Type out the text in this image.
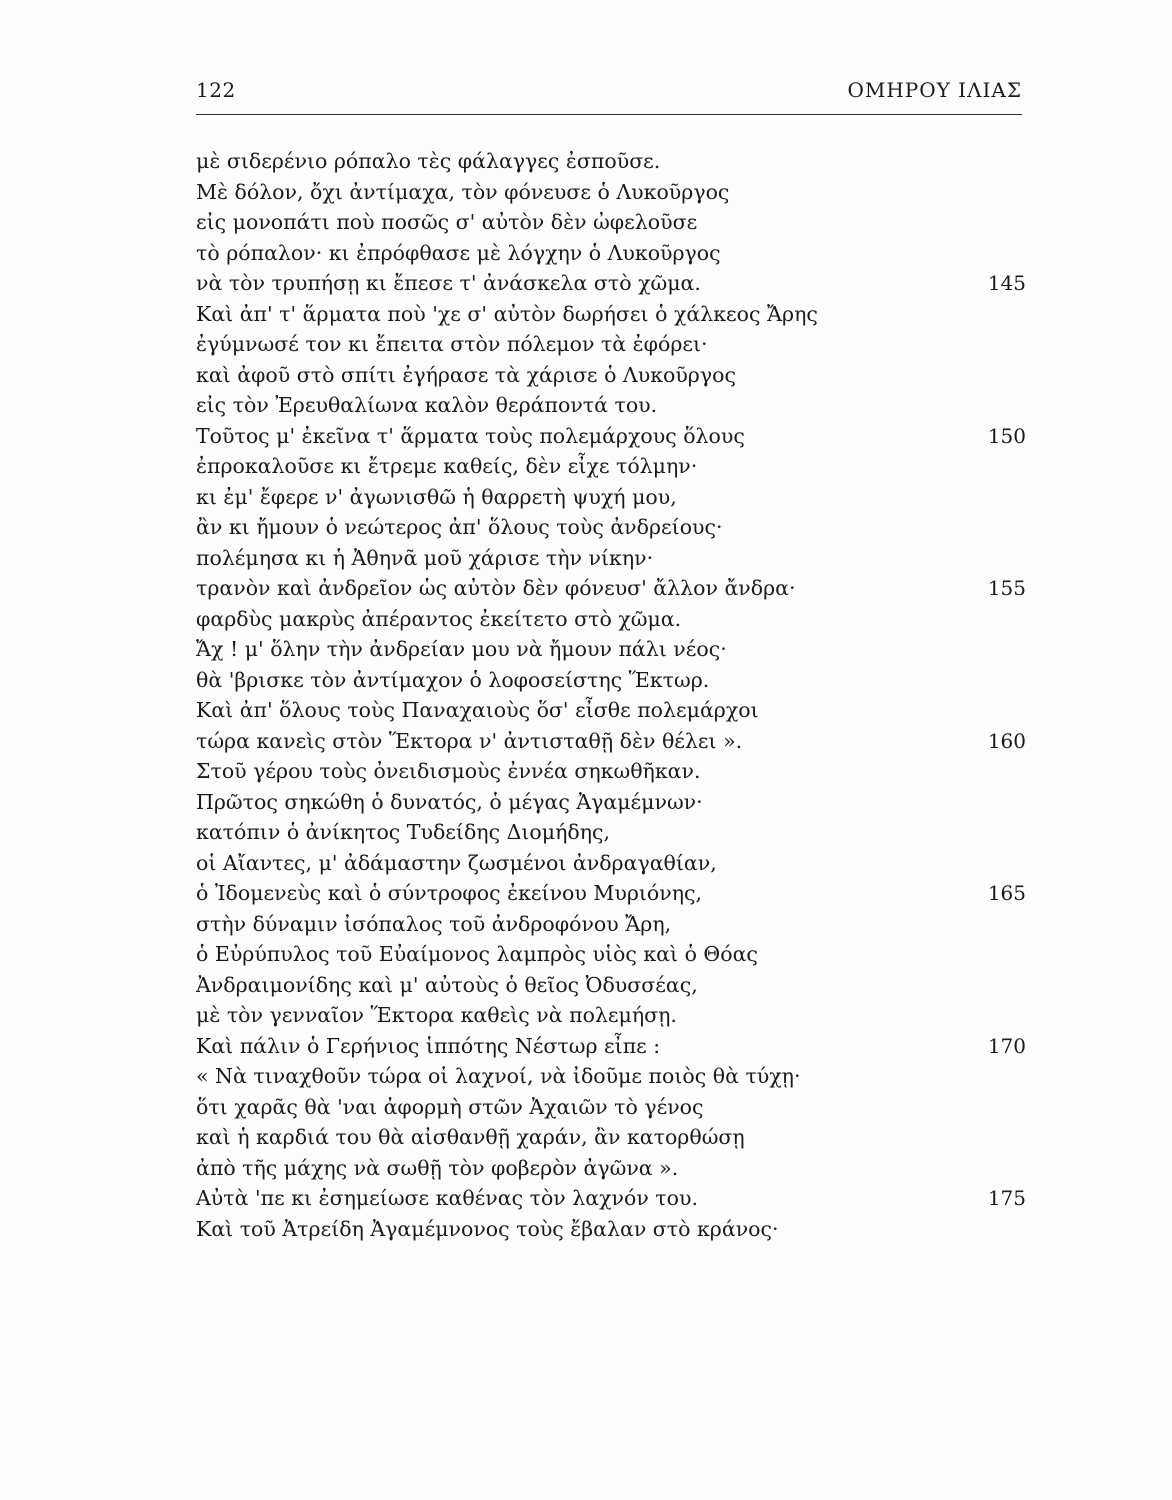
122	ΟΜΗΡΟΥ ΙΛΙΑΣ
μὲ σιδερένιο ρόπαλο τὲς φάλαγγες ἐσποῦσε.
Μὲ δόλον, ὄχι ἀντίμαχα, τὸν φόνευσε ὁ Λυκοῦργος
εἰς μονοπάτι ποὺ ποσῶς σ' αὐτὸν δὲν ὠφελοῦσε
τὸ ρόπαλον· κι ἐπρόφθασε μὲ λόγχην ὁ Λυκοῦργος
νὰ τὸν τρυπήσῃ κι ἔπεσε τ' ἀνάσκελα στὸ χῶμα.	145
Καὶ ἀπ' τ' ἅρματα ποὺ 'χε σ' αὐτὸν δωρήσει ὁ χάλκεος Ἄρης
ἐγύμνωσέ τον κι ἔπειτα στὸν πόλεμον τὰ ἐφόρει·
καὶ ἀφοῦ στὸ σπίτι ἐγήρασε τὰ χάρισε ὁ Λυκοῦργος
εἰς τὸν Ἐρευθαλίωνα καλὸν θεράποντά του.
Τοῦτος μ' ἐκεῖνα τ' ἅρματα τοὺς πολεμάρχους ὅλους	150
ἐπροκαλοῦσε κι ἔτρεμε καθείς, δὲν εἶχε τόλμην·
κι ἐμ' ἔφερε ν' ἀγωνισθῶ ἡ θαρρετὴ ψυχή μου,
ἂν κι ἤμουν ὁ νεώτερος ἀπ' ὅλους τοὺς ἀνδρείους·
πολέμησα κι ἡ Ἀθηνᾶ μοῦ χάρισε τὴν νίκην·
τρανὸν καὶ ἀνδρεῖον ὡς αὐτὸν δὲν φόνευσ' ἄλλον ἄνδρα·	155
φαρδὺς μακρὺς ἀπέραντος ἐκείτετο στὸ χῶμα.
Ἄχ ! μ' ὅλην τὴν ἀνδρείαν μου νὰ ἤμουν πάλι νέος·
θὰ 'βρισκε τὸν ἀντίμαχον ὁ λοφοσείστης Ἕκτωρ.
Καὶ ἀπ' ὅλους τοὺς Παναχαιοὺς ὅσ' εἶσθε πολεμάρχοι
τώρα κανεὶς στὸν Ἕκτορα ν' ἀντισταθῇ δὲν θέλει ».	160
Στοῦ γέρου τοὺς ὀνειδισμοὺς ἐννέα σηκωθῆκαν.
Πρῶτος σηκώθη ὁ δυνατός, ὁ μέγας Ἀγαμέμνων·
κατόπιν ὁ ἀνίκητος Τυδείδης Διομήδης,
οἱ Αἴαντες, μ' ἀδάμαστην ζωσμένοι ἀνδραγαθίαν,
ὁ Ἰδομενεὺς καὶ ὁ σύντροφος ἐκείνου Μυριόνης,	165
στὴν δύναμιν ἰσόπαλος τοῦ ἀνδροφόνου Ἄρη,
ὁ Εὐρύπυλος τοῦ Εὐαίμονος λαμπρὸς υἱὸς καὶ ὁ Θόας
Ἀνδραιμονίδης καὶ μ' αὐτοὺς ὁ θεῖος Ὀδυσσέας,
μὲ τὸν γενναῖον Ἕκτορα καθεὶς νὰ πολεμήσῃ.
Καὶ πάλιν ὁ Γερήνιος ἱππότης Νέστωρ εἶπε :	170
« Νὰ τιναχθοῦν τώρα οἱ λαχνοί, νὰ ἰδοῦμε ποιὸς θὰ τύχῃ·
ὅτι χαρᾶς θὰ 'ναι ἀφορμὴ στῶν Ἀχαιῶν τὸ γένος
καὶ ἡ καρδιά του θὰ αἰσθανθῇ χαράν, ἂν κατορθώσῃ
ἀπὸ τῆς μάχης νὰ σωθῇ τὸν φοβερὸν ἀγῶνα ».
Αὐτὰ 'πε κι ἐσημείωσε καθένας τὸν λαχνόν του.	175
Καὶ τοῦ Ἀτρείδη Ἀγαμέμνονος τοὺς ἔβαλαν στὸ κράνος·
